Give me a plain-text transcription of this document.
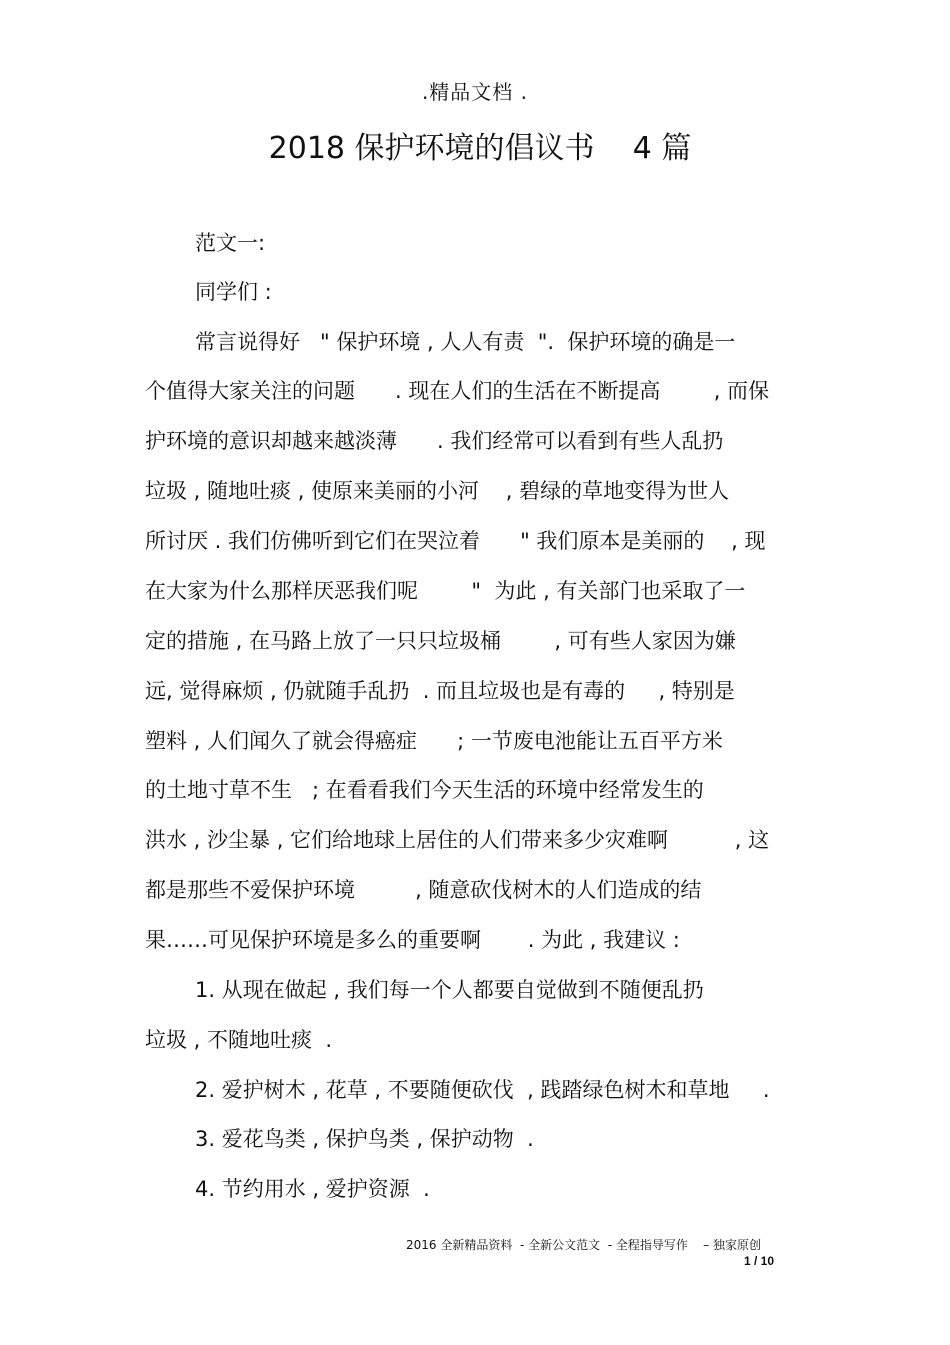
.精品文档 .
2018 保护环境的倡议书    4 篇
范文一:
同学们 :
常言说得好   " 保护环境 , 人人有责  ".  保护环境的确是一
个值得大家关注的问题      . 现在人们的生活在不断提高        , 而保
护环境的意识却越来越淡薄      . 我们经常可以看到有些人乱扔
垃圾 , 随地吐痰 , 使原来美丽的小河    , 碧绿的草地变得为世人
所讨厌 . 我们仿佛听到它们在哭泣着      " 我们原本是美丽的    , 现
在大家为什么那样厌恶我们呢        "  为此 , 有关部门也采取了一
定的措施 , 在马路上放了一只只垃圾桶        , 可有些人家因为嫌
远, 觉得麻烦 , 仍就随手乱扔  . 而且垃圾也是有毒的     , 特别是
塑料 , 人们闻久了就会得癌症      ; 一节废电池能让五百平方米
的土地寸草不生   ; 在看看我们今天生活的环境中经常发生的
洪水 , 沙尘暴 , 它们给地球上居住的人们带来多少灾难啊          , 这
都是那些不爱保护环境         , 随意砍伐树木的人们造成的结
果……可见保护环境是多么的重要啊       . 为此 , 我建议 :
1. 从现在做起 , 我们每一个人都要自觉做到不随便乱扔
垃圾 , 不随地吐痰  .
2. 爱护树木 , 花草 , 不要随便砍伐  , 践踏绿色树木和草地     .
3. 爱花鸟类 , 保护鸟类 , 保护动物  .
4. 节约用水 , 爱护资源  .
2016 全新精品资料  - 全新公文范文  - 全程指导写作    – 独家原创
1 / 10
